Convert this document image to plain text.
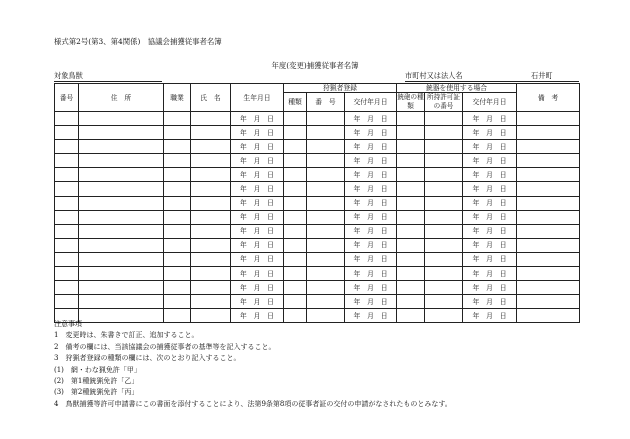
様式第2号(第3、第4関係)　協議会捕獲従事者名簿
年度(変更)捕獲従事者名簿
対象鳥獣	市町村又は法人名	石井町
番号	住　所	職業	氏　名	生年月日	狩猟者登録			銃器を使用する場合			備　考
					種類	番　号	交付年月日	銃砲の種　類	所持許可証の番号	交付年月日	

				年　月　日			年　月　日			年　月　日	
				年　月　日			年　月　日			年　月　日	
				年　月　日			年　月　日			年　月　日	
				年　月　日			年　月　日			年　月　日	
				年　月　日			年　月　日			年　月　日	
				年　月　日			年　月　日			年　月　日	
				年　月　日			年　月　日			年　月　日	
				年　月　日			年　月　日			年　月　日	
				年　月　日			年　月　日			年　月　日	
				年　月　日			年　月　日			年　月　日	
				年　月　日			年　月　日			年　月　日	
				年　月　日			年　月　日			年　月　日	
				年　月　日			年　月　日			年　月　日	
				年　月　日			年　月　日			年　月　日	
				年　月　日			年　月　日			年　月　日	
注意事項
1　変更時は、朱書きで訂正、追加すること。
2　備考の欄には、当該協議会の捕獲従事者の基準等を記入すること。
3　狩猟者登録の種類の欄には、次のとおり記入すること。
(1)　網・わな猟免許「甲」
(2)　第1種銃猟免許「乙」
(3)　第2種銃猟免許「丙」
4　鳥獣捕獲等許可申請書にこの書面を添付することにより、法第9条第8項の従事者証の交付の申請がなされたものとみなす。
